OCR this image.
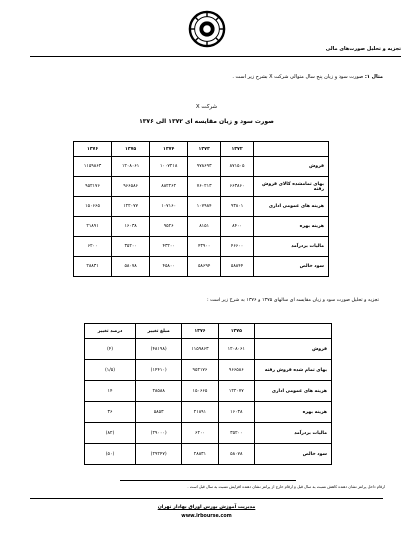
تجزیه و تحلیل صورت‌های مالی
مثال ۱: صورت سود و زیان پنج سال متوالی شرکت X بشرح زیر است .
شرکت X
صورت سود و زیان مقایسه ای ۱۳۷۲ الی ۱۳۷۶
	۱۳۷۲	۱۳۷۳	۱۳۷۴	۱۳۷۵	۱۳۷۶
فروش	۸۷۱۵۰۵	۹۷۸۶۹۳	۱۰۰۷۲۱۸	۱۲۰۸۰۶۱	۱۱۵۹۸۶۳
بهای تمامشده کالای فروش رفته	۶۶۳۸۶۰	۷۶۰۲۱۳	۸۸۲۲۶۲	۹۶۶۵۸۶	۹۵۲۱۷۶
هزینه های عمومی اداری	۹۳۸۰۱	۱۰۷۹۸۴	۱۰۷۱۶۰	۱۲۲۰۷۷	۱۵۰۶۶۵
هزینه بهره	۸۴۰۰	۸۱۵۱	۹۵۲۶	۱۶۰۳۸	۲۱۸۹۱
مالیات بردرآمد	۴۶۶۰۰	۴۳۹۰۰	۴۳۲۰۰	۳۵۲۰۰	۶۲۰۰
سود خالص	۵۸۸۴۴	۵۸۶۹۴	۴۵۸۰۰	۵۸۰۷۸	۲۸۸۳۱
تجزیه و تحلیل صورت سود و زیان مقایسه ای سالهای ۱۳۷۵ و ۱۳۷۶ به شرح زیر است :
	۱۳۷۵	۱۳۷۶	مبلغ تغییر	درصد تغییر
فروش	۱۲۰۸۰۶۱	۱۱۵۹۸۶۳	(۴۸۱۹۸)	(۴)
بهای تمام شده فروش رفته	۹۶۶۵۸۶	۹۵۲۱۷۶	(۱۴۴۱۰)	(۱/۵)
هزینه های عمومی اداری	۱۲۲۰۷۷	۱۵۰۶۶۵	۲۸۵۸۸	۱۴
هزینه بهره	۱۶۰۳۸	۲۱۸۹۱	۵۸۵۳	۳۶
مالیات بردرآمد	۳۵۲۰۰	۶۲۰۰	(۲۹۰۰۰)	(۸۲)
سود خالص	۵۸۰۷۸	۲۸۸۳۱	(۲۹۲۴۷)	(۵۰)
ارقام داخل پرانتز نشان دهنده کاهش نسبت به سال قبل و ارقام خارج از پرانتز نشان دهنده افزایش نسبت به سال قبل است .
مدیریت آموزش بورس اوراق بهادار تهران
www.irbourse.com
